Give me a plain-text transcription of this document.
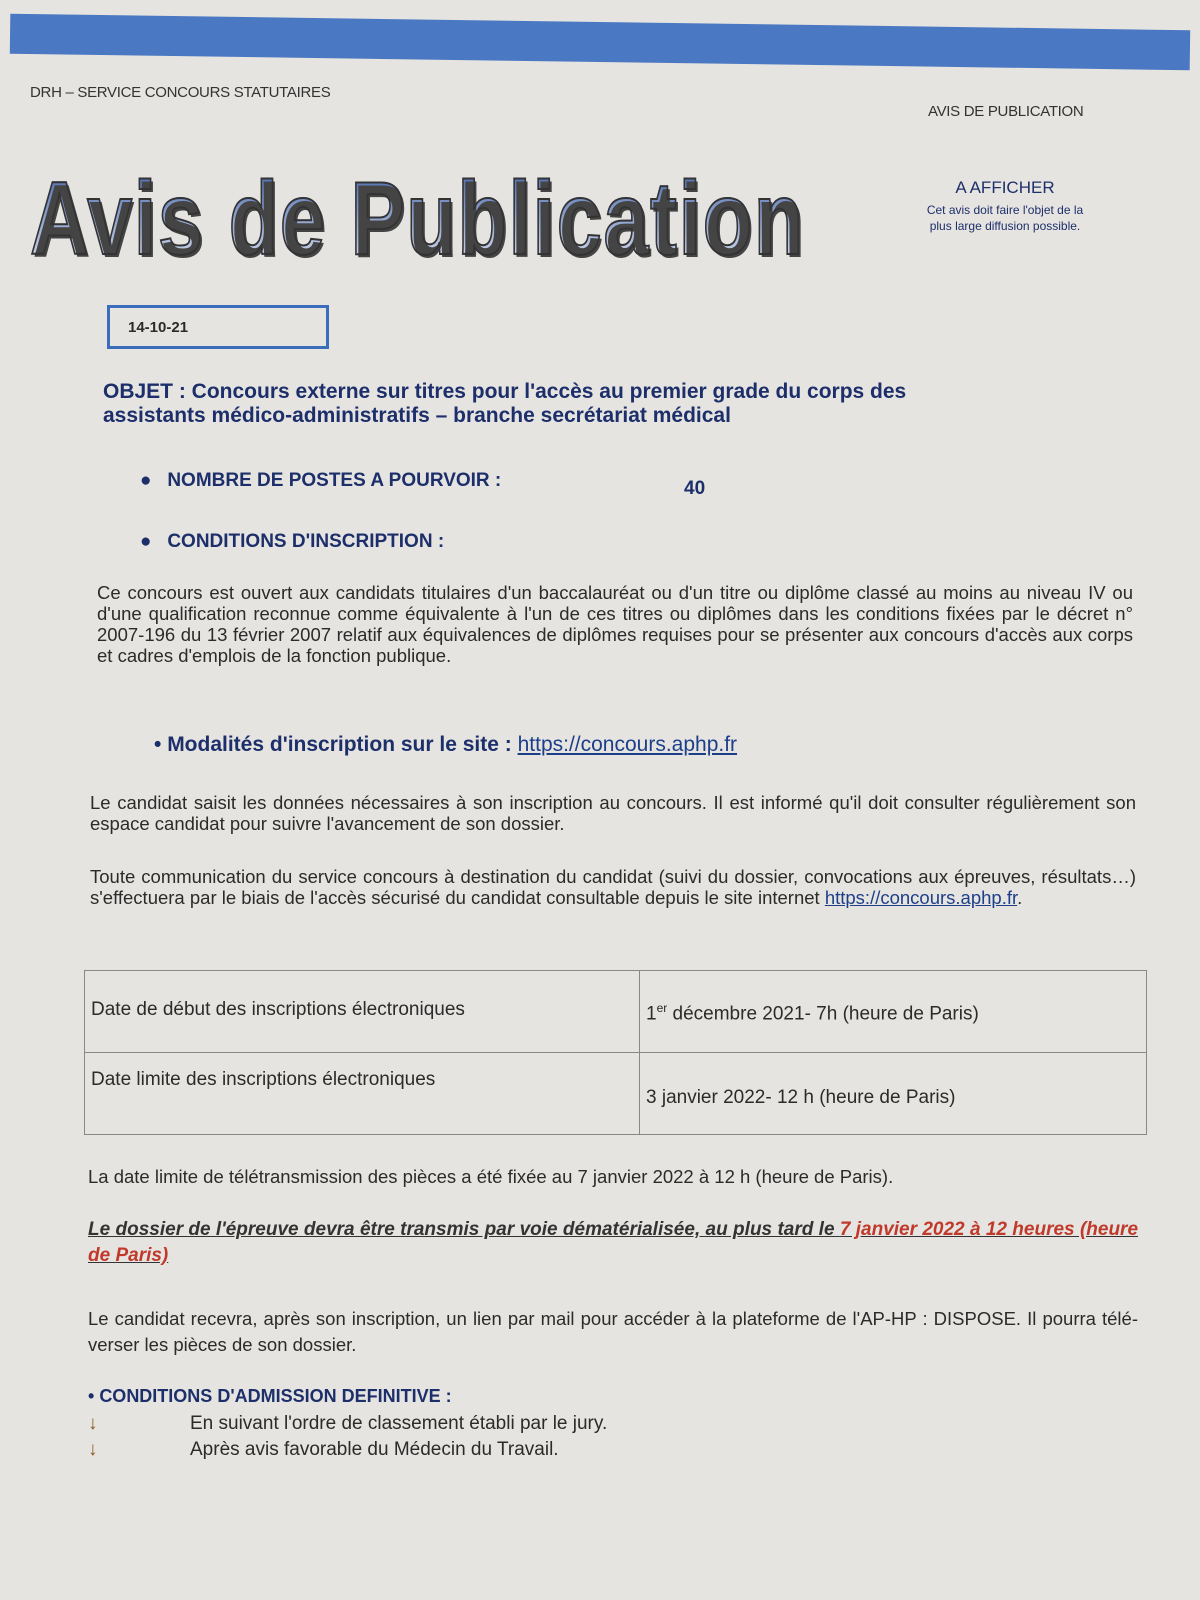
DRH – SERVICE CONCOURS STATUTAIRES
AVIS DE PUBLICATION
Avis de Publication	A AFFICHER
Cet avis doit faire l'objet de la
plus large diffusion possible.
14-10-21
OBJET : Concours externe sur titres pour l'accès au premier grade du corps des
assistants médico-administratifs – branche secrétariat médical
●   NOMBRE DE POSTES A POURVOIR :	40
●   CONDITIONS D'INSCRIPTION :

Ce concours est ouvert aux candidats titulaires d'un baccalauréat ou d'un titre ou diplôme classé au moins au niveau IV ou d'une qualification reconnue comme équivalente à l'un de ces titres ou diplômes dans les conditions fixées par le décret n° 2007-196 du 13 février 2007 relatif aux équivalences de diplômes requises pour se présenter aux concours d'accès aux corps et cadres d'emplois de la fonction publique.

• Modalités d'inscription sur le site : https://concours.aphp.fr

Le candidat saisit les données nécessaires à son inscription au concours. Il est informé qu'il doit consulter régulièrement son espace candidat pour suivre l'avancement de son dossier.

Toute communication du service concours à destination du candidat (suivi du dossier, convocations aux épreuves, résultats…) s'effectuera par le biais de l'accès sécurisé du candidat consultable depuis le site internet https://concours.aphp.fr.

Date de début des inscriptions électroniques	1er décembre 2021- 7h (heure de Paris)
Date limite des inscriptions électroniques	3 janvier 2022- 12 h (heure de Paris)

La date limite de télétransmission des pièces a été fixée au 7 janvier 2022 à 12 h (heure de Paris).

Le dossier de l'épreuve devra être transmis par voie dématérialisée, au plus tard le 7 janvier 2022 à 12 heures (heure de Paris)

Le candidat recevra, après son inscription, un lien par mail pour accéder à la plateforme de l'AP-HP : DISPOSE. Il pourra télé-verser les pièces de son dossier.

• CONDITIONS D'ADMISSION DEFINITIVE :
↓	En suivant l'ordre de classement établi par le jury.
↓	Après avis favorable du Médecin du Travail.
